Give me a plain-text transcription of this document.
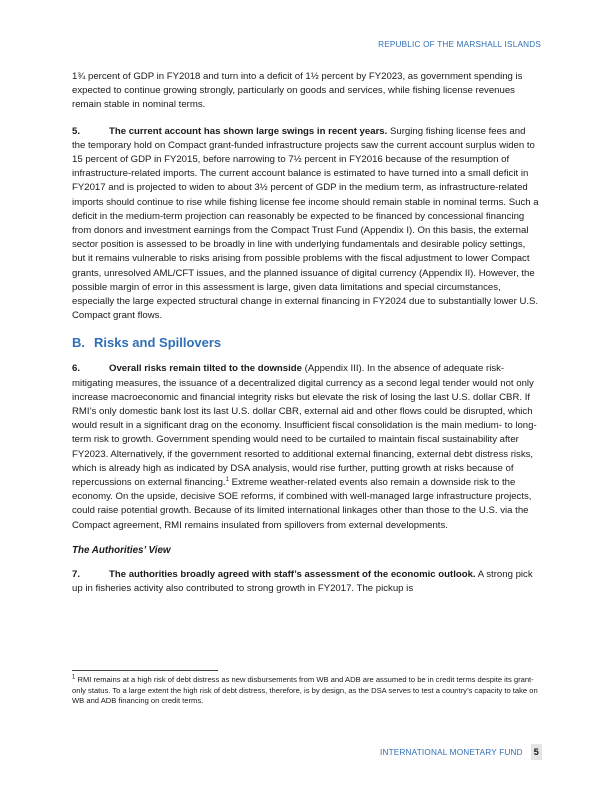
REPUBLIC OF THE MARSHALL ISLANDS

1¾ percent of GDP in FY2018 and turn into a deficit of 1½ percent by FY2023, as government spending is expected to continue growing strongly, particularly on goods and services, while fishing license revenues remain stable in nominal terms.

5.	The current account has shown large swings in recent years. Surging fishing license fees and the temporary hold on Compact grant-funded infrastructure projects saw the current account surplus widen to 15 percent of GDP in FY2015, before narrowing to 7½ percent in FY2016 because of the resumption of infrastructure-related imports. The current account balance is estimated to have turned into a small deficit in FY2017 and is projected to widen to about 3½ percent of GDP in the medium term, as infrastructure-related imports should continue to rise while fishing license fee income should remain stable in nominal terms. Such a deficit in the medium-term projection can reasonably be expected to be financed by concessional financing from donors and investment earnings from the Compact Trust Fund (Appendix I). On this basis, the external sector position is assessed to be broadly in line with underlying fundamentals and desirable policy settings, but it remains vulnerable to risks arising from possible problems with the fiscal adjustment to lower Compact grants, unresolved AML/CFT issues, and the planned issuance of digital currency (Appendix II). However, the possible margin of error in this assessment is large, given data limitations and special circumstances, especially the large expected structural change in external financing in FY2024 due to substantially lower U.S. Compact grant flows.

B. Risks and Spillovers

6.	Overall risks remain tilted to the downside (Appendix III). In the absence of adequate risk-mitigating measures, the issuance of a decentralized digital currency as a second legal tender would not only increase macroeconomic and financial integrity risks but elevate the risk of losing the last U.S. dollar CBR. If RMI’s only domestic bank lost its last U.S. dollar CBR, external aid and other flows could be disrupted, which would result in a significant drag on the economy. Insufficient fiscal consolidation is the main medium- to long-term risk to growth. Government spending would need to be curtailed to maintain fiscal sustainability after FY2023. Alternatively, if the government resorted to additional external financing, external debt distress risks, which is already high as indicated by DSA analysis, would rise further, putting growth at risks because of repercussions on external financing.$^1$ Extreme weather-related events also remain a downside risk to the economy. On the upside, decisive SOE reforms, if combined with well-managed large infrastructure projects, could raise potential growth. Because of its limited international linkages other than those to the U.S. via the Compact agreement, RMI remains insulated from spillovers from external developments.

The Authorities’ View

7.	The authorities broadly agreed with staff’s assessment of the economic outlook. A strong pick up in fisheries activity also contributed to strong growth in FY2017. The pickup is

$^1$ RMI remains at a high risk of debt distress as new disbursements from WB and ADB are assumed to be in credit terms despite its grant-only status. To a large extent the high risk of debt distress, therefore, is by design, as the DSA serves to test a country’s capacity to take on WB and ADB financing on credit terms.
INTERNATIONAL MONETARY FUND	5
